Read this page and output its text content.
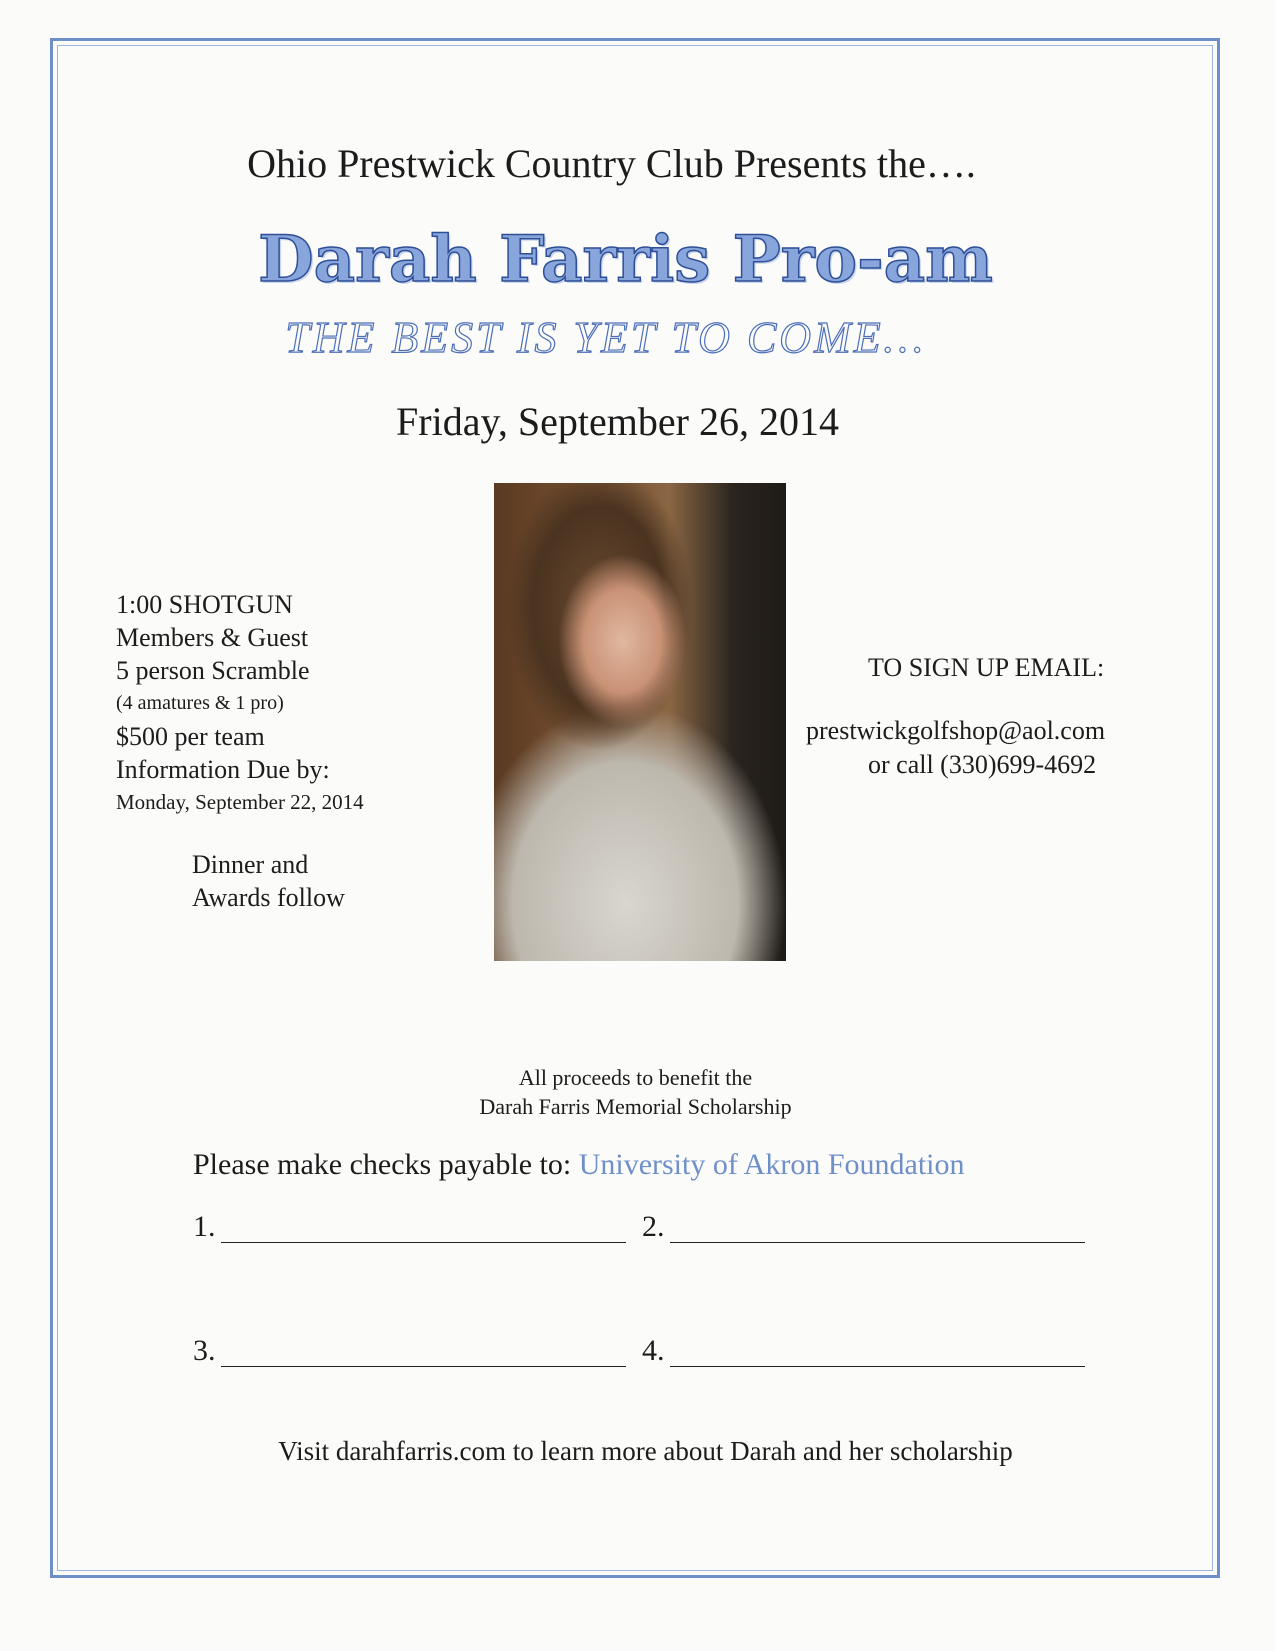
Ohio Prestwick Country Club Presents the….
Darah Farris Pro-am
THE BEST IS YET TO COME…
Friday, September 26, 2014
1:00 SHOTGUN
Members & Guest
5 person Scramble
(4 amatures & 1 pro)
$500 per team
Information Due by:
Monday, September 22, 2014
Dinner and
Awards follow
TO SIGN UP EMAIL:
prestwickgolfshop@aol.com
or call (330)699-4692
All proceeds to benefit the
Darah Farris Memorial Scholarship
Please make checks payable to: University of Akron Foundation
1.	2.
3.	4.
Visit darahfarris.com to learn more about Darah and her scholarship
